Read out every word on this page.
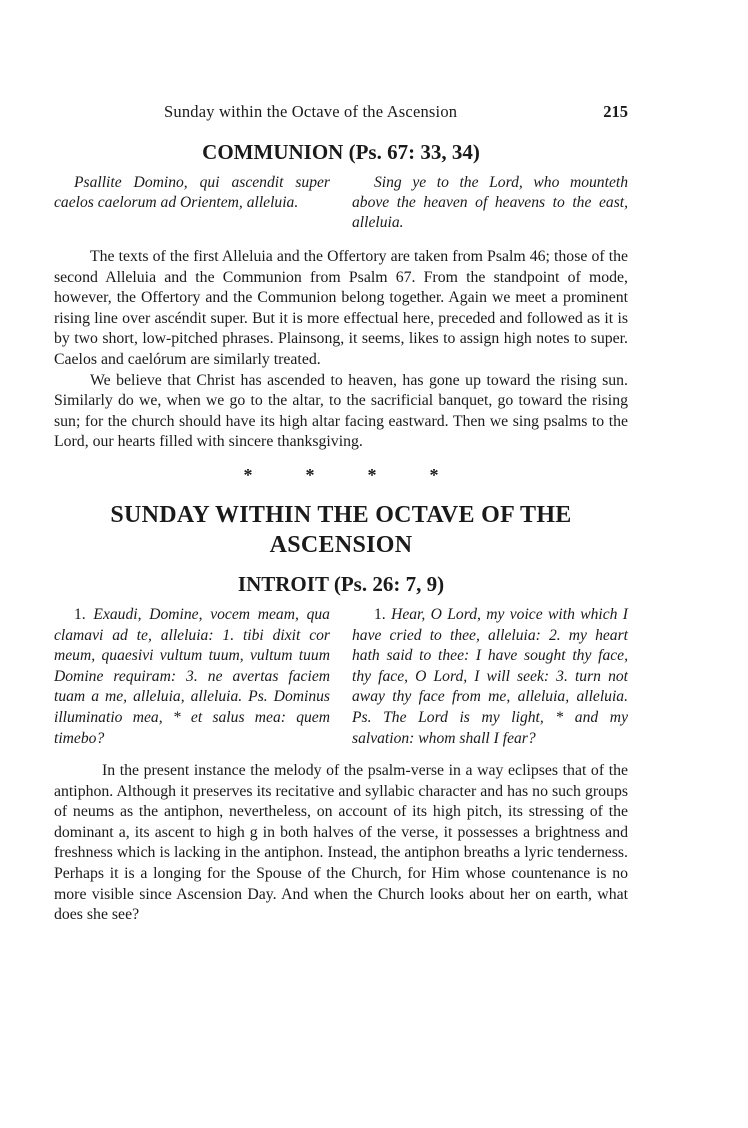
Sunday within the Octave of the Ascension	215
COMMUNION (Ps. 67: 33, 34)
Psallite Domino, qui ascendit super caelos caelorum ad Orientem, alleluia.
Sing ye to the Lord, who mounteth above the heaven of heavens to the east, alleluia.

The texts of the first Alleluia and the Offertory are taken from Psalm 46; those of the second Alleluia and the Communion from Psalm 67. From the standpoint of mode, however, the Offertory and the Communion belong together. Again we meet a prominent rising line over ascéndit super. But it is more effectual here, preceded and followed as it is by two short, low-pitched phrases. Plainsong, it seems, likes to assign high notes to super. Caelos and caelórum are similarly treated.

We believe that Christ has ascended to heaven, has gone up toward the rising sun. Similarly do we, when we go to the altar, to the sacrificial banquet, go toward the rising sun; for the church should have its high altar facing eastward. Then we sing psalms to the Lord, our hearts filled with sincere thanksgiving.

*	*	*	*
SUNDAY WITHIN THE OCTAVE OF THE
ASCENSION
INTROIT (Ps. 26: 7, 9)
1. Exaudi, Domine, vocem meam, qua clamavi ad te, alleluia: 1. tibi dixit cor meum, quaesivi vultum tuum, vultum tuum Domine requiram: 3. ne avertas faciem tuam a me, alleluia, alleluia. Ps. Dominus illuminatio mea, * et salus mea: quem timebo?
1. Hear, O Lord, my voice with which I have cried to thee, alleluia: 2. my heart hath said to thee: I have sought thy face, thy face, O Lord, I will seek: 3. turn not away thy face from me, alleluia, alleluia. Ps. The Lord is my light, * and my salvation: whom shall I fear?

In the present instance the melody of the psalm-verse in a way eclipses that of the antiphon. Although it preserves its recitative and syllabic character and has no such groups of neums as the antiphon, nevertheless, on account of its high pitch, its stressing of the dominant a, its ascent to high g in both halves of the verse, it possesses a brightness and freshness which is lacking in the antiphon. Instead, the antiphon breaths a lyric tenderness. Perhaps it is a longing for the Spouse of the Church, for Him whose countenance is no more visible since Ascension Day. And when the Church looks about her on earth, what does she see?
